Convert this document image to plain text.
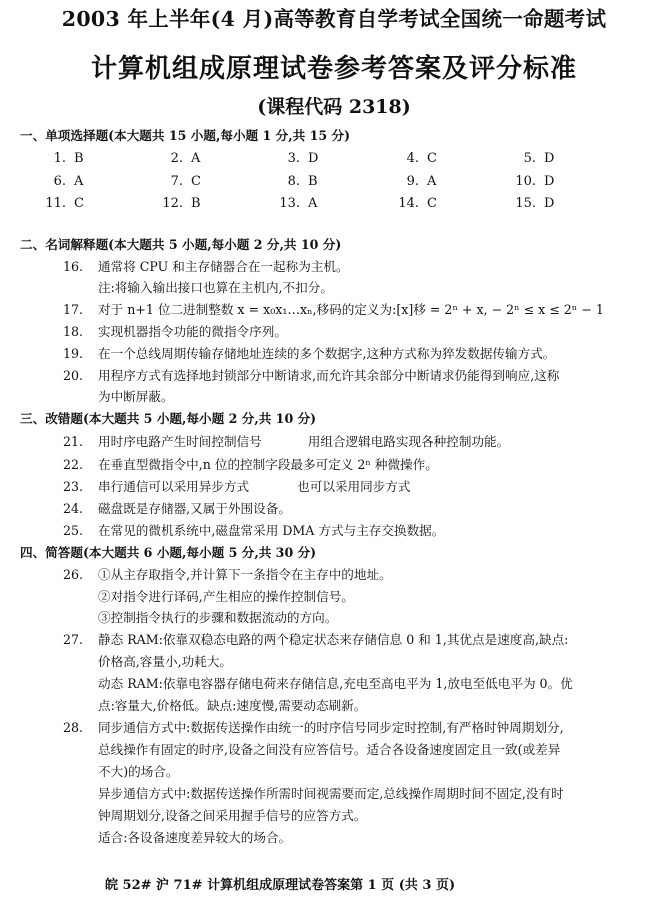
2003 年上半年(4 月)高等教育自学考试全国统一命题考试
计算机组成原理试卷参考答案及评分标准
(课程代码 2318)
一、单项选择题(本大题共 15 小题,每小题 1 分,共 15 分)
1. B	2. A	3. D	4. C	5. D
6. A	7. C	8. B	9. A	10. D
11. C	12. B	13. A	14. C	15. D
二、名词解释题(本大题共 5 小题,每小题 2 分,共 10 分)
16. 通常将 CPU 和主存储器合在一起称为主机。
注:将输入输出接口也算在主机内,不扣分。
17. 对于 n+1 位二进制整数 x = x₀x₁…xₙ,移码的定义为:[x]移 = 2ⁿ + x, − 2ⁿ ≤ x ≤ 2ⁿ − 1
18. 实现机器指令功能的微指令序列。
19. 在一个总线周期传输存储地址连续的多个数据字,这种方式称为猝发数据传输方式。
20. 用程序方式有选择地封锁部分中断请求,而允许其余部分中断请求仍能得到响应,这称
为中断屏蔽。
三、改错题(本大题共 5 小题,每小题 2 分,共 10 分)
21. 用时序电路产生时间控制信号	用组合逻辑电路实现各种控制功能。
22. 在垂直型微指令中,n 位的控制字段最多可定义 2ⁿ 种微操作。
23. 串行通信可以采用异步方式	也可以采用同步方式
24. 磁盘既是存储器,又属于外围设备。
25. 在常见的微机系统中,磁盘常采用 DMA 方式与主存交换数据。
四、简答题(本大题共 6 小题,每小题 5 分,共 30 分)
26. ①从主存取指令,并计算下一条指令在主存中的地址。
②对指令进行译码,产生相应的操作控制信号。
③控制指令执行的步骤和数据流动的方向。
27. 静态 RAM:依靠双稳态电路的两个稳定状态来存储信息 0 和 1,其优点是速度高,缺点:
价格高,容量小,功耗大。
动态 RAM:依靠电容器存储电荷来存储信息,充电至高电平为 1,放电至低电平为 0。优
点:容量大,价格低。缺点:速度慢,需要动态刷新。
28. 同步通信方式中:数据传送操作由统一的时序信号同步定时控制,有严格时钟周期划分,
总线操作有固定的时序,设备之间没有应答信号。适合各设备速度固定且一致(或差异
不大)的场合。
异步通信方式中:数据传送操作所需时间视需要而定,总线操作周期时间不固定,没有时
钟周期划分,设备之间采用握手信号的应答方式。
适合:各设备速度差异较大的场合。
皖 52# 沪 71# 计算机组成原理试卷答案第 1 页 (共 3 页)
